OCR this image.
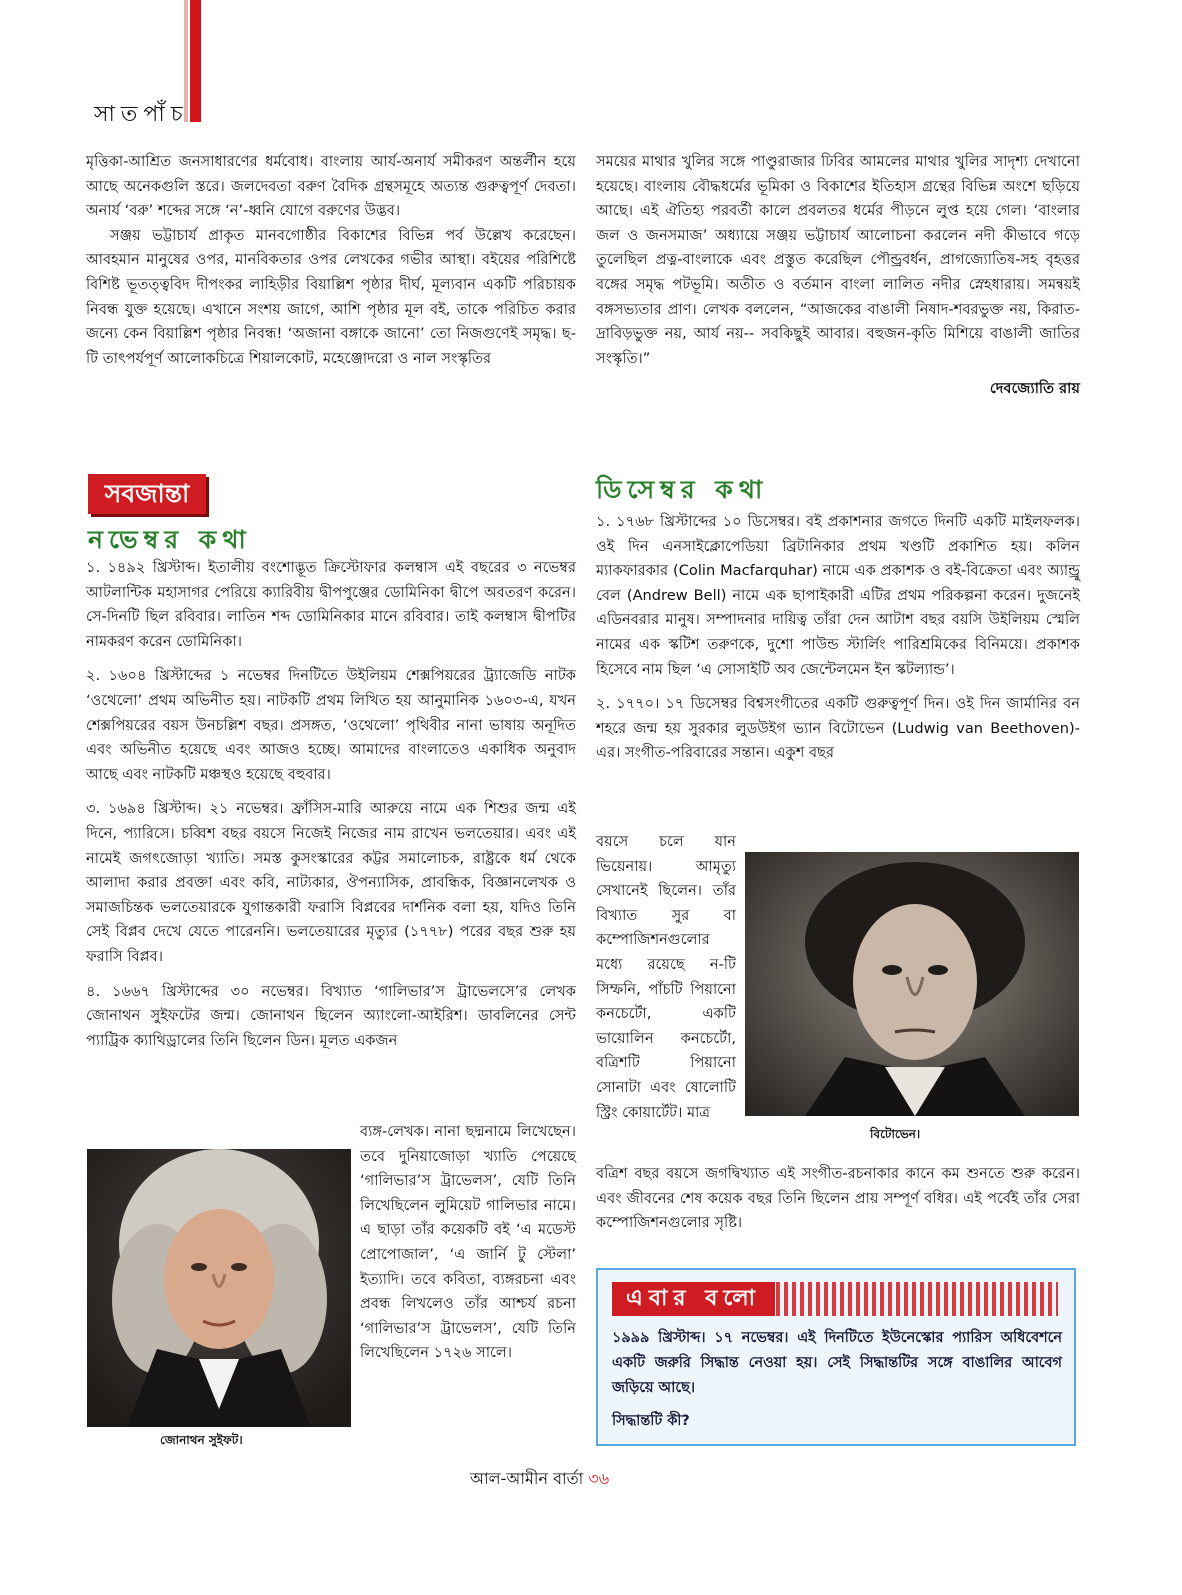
সাতপাঁচ

মৃত্তিকা-আশ্রিত জনসাধারণের ধর্মবোধ। বাংলায় আর্য-অনার্য সমীকরণ অন্তর্লীন হয়ে আছে অনেকগুলি স্তরে। জলদেবতা বরুণ বৈদিক গ্রন্থসমূহে অত্যন্ত গুরুত্বপূর্ণ দেবতা। অনার্য ‘বরু’ শব্দের সঙ্গে ‘ন’-ধ্বনি যোগে বরুণের উদ্ভব।

সঞ্জয় ভট্টাচার্য প্রাকৃত মানবগোষ্ঠীর বিকাশের বিভিন্ন পর্ব উল্লেখ করেছেন। আবহমান মানুষের ওপর, মানবিকতার ওপর লেখকের গভীর আস্থা। বইয়ের পরিশিষ্টে বিশিষ্ট ভূতত্ত্ববিদ দীপংকর লাহিড়ীর বিয়াল্লিশ পৃষ্ঠার দীর্ঘ, মূল্যবান একটি পরিচায়ক নিবন্ধ যুক্ত হয়েছে। এখানে সংশয় জাগে, আশি পৃষ্ঠার মূল বই, তাকে পরিচিত করার জন্যে কেন বিয়াল্লিশ পৃষ্ঠার নিবন্ধ! ‘অজানা বঙ্গাকে জানো’ তো নিজগুণেই সমৃদ্ধ। ছ-টি তাৎপর্যপূর্ণ আলোকচিত্রে শিয়ালকোট, মহেঞ্জোদরো ও নাল সংস্কৃতির

সময়ের মাথার খুলির সঙ্গে পাণ্ডুরাজার ঢিবির আমলের মাথার খুলির সাদৃশ্য দেখানো হয়েছে। বাংলায় বৌদ্ধধর্মের ভূমিকা ও বিকাশের ইতিহাস গ্রন্থের বিভিন্ন অংশে ছড়িয়ে আছে। এই ঐতিহ্য পরবর্তী কালে প্রবলতর ধর্মের পীড়নে লুপ্ত হয়ে গেল। ‘বাংলার জল ও জনসমাজ’ অধ্যায়ে সঞ্জয় ভট্টাচার্য আলোচনা করলেন নদী কীভাবে গড়ে তুলেছিল প্রত্ন-বাংলাকে এবং প্রস্তুত করেছিল পৌন্ড্রবর্ধন, প্রাগজ্যোতিষ-সহ বৃহত্তর বঙ্গের সমৃদ্ধ পটভূমি। অতীত ও বর্তমান বাংলা লালিত নদীর স্নেহধারায়। সমন্বয়ই বঙ্গসভ্যতার প্রাণ। লেখক বললেন, “আজকের বাঙালী নিষাদ-শবরভুক্ত নয়, কিরাত-দ্রাবিড়ভুক্ত নয়, আর্য নয়-- সবকিছুই আবার। বহুজন-কৃতি মিশিয়ে বাঙালী জাতির সংস্কৃতি।”

দেবজ্যোতি রায়

সবজান্তা
নভেম্বর কথা
ডিসেম্বর কথা

১. ১৪৯২ খ্রিস্টাব্দ। ইতালীয় বংশোদ্ভূত ক্রিস্টোফার কলম্বাস এই বছরের ৩ নভেম্বর আটলান্টিক মহাসাগর পেরিয়ে ক্যারিবীয় দ্বীপপুঞ্জের ডোমিনিকা দ্বীপে অবতরণ করেন। সে-দিনটি ছিল রবিবার। লাতিন শব্দ ডোমিনিকার মানে রবিবার। তাই কলম্বাস দ্বীপটির নামকরণ করেন ডোমিনিকা।

২. ১৬০৪ খ্রিস্টাব্দের ১ নভেম্বর দিনটিতে উইলিয়ম শেক্সপিয়রের ট্র্যাজেডি নাটক ‘ওথেলো’ প্রথম অভিনীত হয়। নাটকটি প্রথম লিখিত হয় আনুমানিক ১৬০৩-এ, যখন শেক্সপিয়রের বয়স উনচল্লিশ বছর। প্রসঙ্গত, ‘ওথেলো’ পৃথিবীর নানা ভাষায় অনূদিত এবং অভিনীত হয়েছে এবং আজও হচ্ছে। আমাদের বাংলাতেও একাধিক অনুবাদ আছে এবং নাটকটি মঞ্চস্থও হয়েছে বহুবার।

৩. ১৬৯৪ খ্রিস্টাব্দ। ২১ নভেম্বর। ফ্রাঁসিস-মারি আরুয়ে নামে এক শিশুর জন্ম এই দিনে, প্যারিসে। চব্বিশ বছর বয়সে নিজেই নিজের নাম রাখেন ভলতেয়ার। এবং এই নামেই জগৎজোড়া খ্যাতি। সমস্ত কুসংস্কারের কট্টর সমালোচক, রাষ্ট্রকে ধর্ম থেকে আলাদা করার প্রবক্তা এবং কবি, নাট্যকার, ঔপন্যাসিক, প্রাবন্ধিক, বিজ্ঞানলেখক ও সমাজচিন্তক ভলতেয়ারকে যুগান্তকারী ফরাসি বিপ্লবের দার্শনিক বলা হয়, যদিও তিনি সেই বিপ্লব দেখে যেতে পারেননি। ভলতেয়ারের মৃত্যুর (১৭৭৮) পরের বছর শুরু হয় ফরাসি বিপ্লব।

৪. ১৬৬৭ খ্রিস্টাব্দের ৩০ নভেম্বর। বিখ্যাত ‘গালিভার’স ট্রাভেলসে’র লেখক জোনাথন সুইফটের জন্ম। জোনাথন ছিলেন অ্যাংলো-আইরিশ। ডাবলিনের সেন্ট প্যাট্রিক ক্যাথিড্রালের তিনি ছিলেন ডিন। মূলত একজন

ব্যঙ্গ-লেখক। নানা ছদ্মনামে লিখেছেন। তবে দুনিয়াজোড়া খ্যাতি পেয়েছে ‘গালিভার’স ট্রাভেলস’, যেটি তিনি লিখেছিলেন লুমিয়েট গালিভার নামে। এ ছাড়া তাঁর কয়েকটি বই ‘এ মডেস্ট প্রোপোজাল’, ‘এ জার্নি টু স্টেলা’ ইত্যাদি। তবে কবিতা, ব্যঙ্গরচনা এবং প্রবন্ধ লিখলেও তাঁর আশ্চর্য রচনা ‘গালিভার’স ট্রাভেলস’, যেটি তিনি লিখেছিলেন ১৭২৬ সালে।
জোনাথন সুইফট।

১. ১৭৬৮ খ্রিস্টাব্দের ১০ ডিসেম্বর। বই প্রকাশনার জগতে দিনটি একটি মাইলফলক। ওই দিন এনসাইক্লোপেডিয়া ব্রিটানিকার প্রথম খণ্ডটি প্রকাশিত হয়। কলিন ম্যাকফারকার (Colin Macfarquhar) নামে এক প্রকাশক ও বই-বিক্রেতা এবং অ্যান্ড্রু বেল (Andrew Bell) নামে এক ছাপাইকারী এটির প্রথম পরিকল্পনা করেন। দুজনেই এডিনবরার মানুষ। সম্পাদনার দায়িত্ব তাঁরা দেন আটাশ বছর বয়সি উইলিয়ম স্মেলি নামের এক স্কটিশ তরুণকে, দুশো পাউন্ড স্টার্লিং পারিশ্রমিকের বিনিময়ে। প্রকাশক হিসেবে নাম ছিল ‘এ সোসাইটি অব জেন্টেলমেন ইন স্কটল্যান্ড’।

২. ১৭৭০। ১৭ ডিসেম্বর বিশ্বসংগীতের একটি গুরুত্বপূর্ণ দিন। ওই দিন জার্মানির বন শহরে জন্ম হয় সুরকার লুডউইগ ভ্যান বিটোভেন (Ludwig van Beethoven)-এর। সংগীত-পরিবারের সন্তান। একুশ বছর

বয়সে চলে যান ভিয়েনায়। আমৃত্যু সেখানেই ছিলেন। তাঁর বিখ্যাত সুর বা কম্পোজিশনগুলোর মধ্যে রয়েছে ন-টি সিম্ফনি, পাঁচটি পিয়ানো কনচের্টো, একটি ভায়োলিন কনচের্টো, বত্রিশটি পিয়ানো সোনাটা এবং ষোলোটি স্ট্রিং কোয়ার্টেট। মাত্র
বিটোভেন।
বত্রিশ বছর বয়সে জগদ্বিখ্যাত এই সংগীত-রচনাকার কানে কম শুনতে শুরু করেন। এবং জীবনের শেষ কয়েক বছর তিনি ছিলেন প্রায় সম্পূর্ণ বধির। এই পর্বেই তাঁর সেরা কম্পোজিশনগুলোর সৃষ্টি।
এবার বলো

১৯৯৯ খ্রিস্টাব্দ। ১৭ নভেম্বর। এই দিনটিতে ইউনেস্কোর প্যারিস অধিবেশনে একটি জরুরি সিদ্ধান্ত নেওয়া হয়। সেই সিদ্ধান্তটির সঙ্গে বাঙালির আবেগ জড়িয়ে আছে।

সিদ্ধান্তটি কী?

আল-আমীন বার্তা ৩৬
